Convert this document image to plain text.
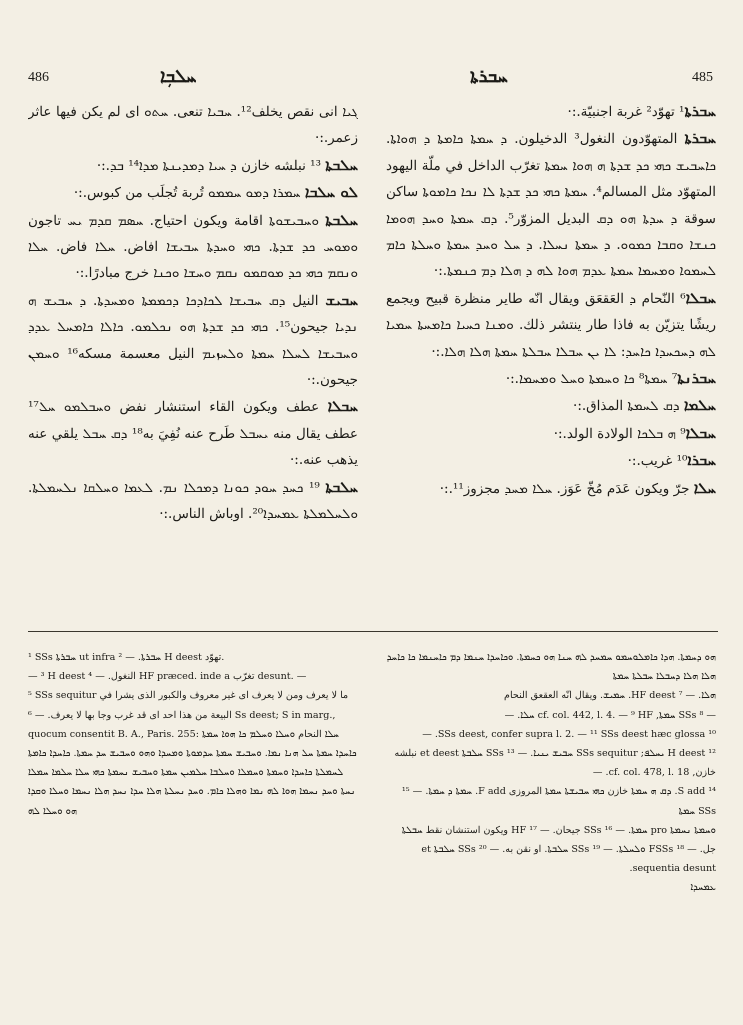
486	ܚܠܒܼܐ	ܚܒܪܬܐ	485

ܓܝܐ انى نقص يخلف¹². ܚܒܝܐ تنعى. ܚܬܘ اى لم يكن فيها عاثر زعمر.:·

ܚܠܒܬܐ ¹³ نبلشه خازن ܕ ܚܝܐ ܕܡܕܝܢܬܐ ܡܕܐ¹⁴ ܒܕ.:·

ܠܘ ܚܠܒܐ ܚܡܪܐ ܕܡܘ ܚܡܡܘ تُربة تُجلَب من كبوس.:·

ܚܠܒܬܐ ܘܚܒܝܫܘܬܐ اقامة ويكون احتياج. ܚܣܡ ܩܕܡ ܝܚ تاجون ܘܡܘܚ ܟܕ ܫܕܬܐ. ܟܗܝ ܘܚܕܬܐ ܚܒܝܫܐ افاض. ܚܠܐ فاض. ܚܠܐ ܘܢܩܡ ܟܗܝ ܟܕ ܡܘܩܡܘ ܢܩܡ ܘܚܫܐ ܘܟܢܐ خرج مبادرًا.:·

ܚܒܝܫ النيل ܕܩ ܚܒܝܫܐ ܠܟܐܕܟܐ ܕܟܡܡܬܐ ܘܡܚܕܬܐ. ܕ ܚܒܝܫ ܗ ܢܕܝܐ جيحون¹⁵. ܟܗܝ ܟܕ ܫܕܬܐ ܗܘ ܢܟܠܡܘ. ܟܐܠܐ ܟܐܡܚܠ ܥܕܕ ܘܚܒܝܫܐ ܠܚܠܐ ܚܡܬܐ ܘܠܚܙܝܡ النيل معسمة مسكه¹⁶ ܘܚܡܢ جيحون.:·

ܚܒܠܐ عطف ويكون القاء استنشار نفض ܘܚܒܠܡܘ ܚܠ¹⁷ عطف يقال منه ܝܚܒܠ طَرح عنه نُفِيَ به¹⁸ ܕܩ ܚܒܠ يلقي عنه يذهب عنه.:·

ܚܠܒܬܐ ¹⁹ ܟܚܕ ܚܘܕ ܟܘܢܐ ܕܡܟܠܐ ܢܡ. ܠܥܡܐ ܘܚܠܩܐ ܢܠܚܡܠܬܐ. ܘܠܚܠܡܠܬܐ ܥܡܚܕܐ²⁰. اوباش الناس.:·

ܚܒܪܬܐ¹ تهوّد² غربة اجنبيّة.:·

ܚܒܪܬܐ المتهوّدون النغول³ الدخيلون. ܕ ܚܡܬܐ ܟܐܡܬܐ ܕ ܗܘܐܬܐ. ܟܐܚܒܝܫ ܟܗܝ ܟܕ ܫܕܬܐ ܗ ܗܘܐ ܚܡܬܐ تغرّب الداخل في ملّة اليهود المتهوّد مثل المسالم⁴. ܚܡܬܐ ܟܗܝ ܟܕ ܫܕܬܐ ܠܐ ܢܟܐ ܟܐܡܘܬܐ ساكن سوقة ܕ ܚܕܬܐ ܗܘ ܕܩ البديل المزوّر⁵. ܕܩ ܚܡܬܐ ܘܚܕ ܗܘܡܐ ܟܢܫܐ ܘܩܒܐ ܟܡܘܘ. ܕ ܚܡܬܐ ܢܚܠܐ. ܕ ܚܠ ܘܚܕ ܚܡܬܐ ܘܚܠܬܐ ܟܐܡ ܠܚܡܘܐ ܘܡܚܡܐ ܚܡܬܐ ܥܕܡ ܗܘܐ ܠܗ ܕ ܗܠܐ ܕܡ ܟܢܡܬܐ.:·

ܚܒܠܐ⁶ النّحام ܕ العَقعَق ويقال انّه طاير منظرة قبيح ويجمع ريشًا يتزيّن به فاذا طار ينتشر ذلك. ܘܡܢܐ ܟܚܝܐ ܟܐܡܚܬܐ ܚܡܝܐ ܠܗ ܕܚܟܚܕܐ ܟܐܚܕ: ܠܐ ܝܢ ܚܒܠܐ ܚܒܠܬܐ ܚܡܬܐ ܗܠܐ ܗܠܐ.:·

ܚܒܪܢܬܐ⁷ ܚܡܬܐ⁸ ܟܐ ܘܚܡܬܐ ܘܚܠ ܘܡܚܡܐ.:·

ܚܠܡܐ ܕܩ ܠܚܡܬܐ المذاق.:·

ܚܒܠܐ⁹ ܗ ܒܠܟܐ الولادة الولد.:·

ܚܒܪܐ¹⁰ غريب.:·

ܚܠܐ جرّ ويكون عَدَم مُخّ عَوَز. ܚܠܐ ܡܚܕ مجزوز¹¹.:·

¹ SSs ܚܒܪܬܐ ut infra ܚܒܪܬܐ. — ² H deest تهوّد.

— ³ H deest النغول. — ⁴ HF præced. inde a تغرّب desunt. —

⁵ SSs sequitur ما لا يعرف ومن لا يعرف اى غير معروف والكبور الذى يشرا في البيعة من هذا احد اى قد غرب وجا بها لا يعرف. — ⁶ Ss deest; S in marg., quocum consentit B. A., Paris. 255: ܚܠܐ النحام ܘܚܠܐ ܘܚܠܡ ܟܐ ܗܘܐ ܚܡܬܐ ܟܐܚܕܐ ܚܡܬܐ ܚܠ ܗܢܐ ܢܡܐ. ܘܚܒܝܫ ܚܡܬܐ ܚܕܡܘܬܐ ܘܡܚܕܐ ܘܗܘ ܘܚܒܝܫ ܚܕ ܚܡܬܐ. ܟܐܚܕܐ ܟܐܡܬܐ ܠܚܡܠܬܐ ܟܐܚܕܐ ܘܚܡܬܐ ܘܚܡܠܐ ܘܚܠܒܐ ܚܠܡܝܢ ܚܡܬܐ ܘܚܒܝܫ ܢܚܡܬܐ ܟܗܝ ܚܠܐ ܚܠܡܐ ܚܡܠܐ ܢܚܬܐ ܘܚܕ ܢܚܡܐ ܗܘܐ ܠܗ ܢܡܐ ܘܗܠܐ ܟܐܡ. ܘܚܕ ܢܚܠܬܐ ܗܠܐ ܚܕܐ ܢܚܕ ܗܠܐ ܢܚܡܐ ܘܚܠܐ ܘܩܕܐ ܗܘ ܘܚܠܐ ܠܗ

ܗܘ ܕܚܡܬܐ. ܗܕܐ ܟܐܡܠܘܚܡܘ ܚܡܚܕ ܠܗ ܚܢܐ ܗܘ ܟܚܡܬܐ. ܘܟܐܚܕܐ ܚܢܡܐ ܕܡ ܟܐܚܢܡܐ ܟܐ ܟܐܚܕ ܗܠܐ ܗܠܐ ܕܚܒܠܐ ܚܒܠܬܐ ܚܡܬܐ

ܗܠܐ. — ⁷ HF deest. ܚܡܝܫ. ويقال انّه العقعق النحام

— ⁸ SSs ܚܡܬܐ, cf. col. 442, l. 4. — ⁹ HF ܚܠܐ. —

¹⁰ SSs deest, confer supra l. 2. — ¹¹ SSs deest hæc glossa. —

¹² H deest ܝܚܠܦ; SSs sequitur ܚܒܝܫ ܝܢܝܐ. — ¹³ SSs ܚܠܒܬܐ et deest نبلشه خازن, cf. col. 478, l. 18. —

¹⁴ S add. ܕܩ ܗ ܚܡܬܐ خازن ܟܗܝ ܚܒܝܫܬܐ ܚܡܬܐ المروزى F add. ܚܡܬܐ ܕ ܚܡܬܐ. — ¹⁵ SSs ܚܡܬܐ

ܘܚܡܬܐ ܢܚܡܬܐ pro ܚܡܬܐ. — ¹⁶ SSs جيحان. — ¹⁷ HF ويكون استنشان نقط ܚܒܠܬܐ جل. — ¹⁸ FSSs ܘܠܚܠܬܐ. — ¹⁹ SSs ܚܠܒܬܐ. او نقن به. — ²⁰ SSs ܚܠܒܬܐ et sequentia desunt.

ܥܡܚܕܐ
